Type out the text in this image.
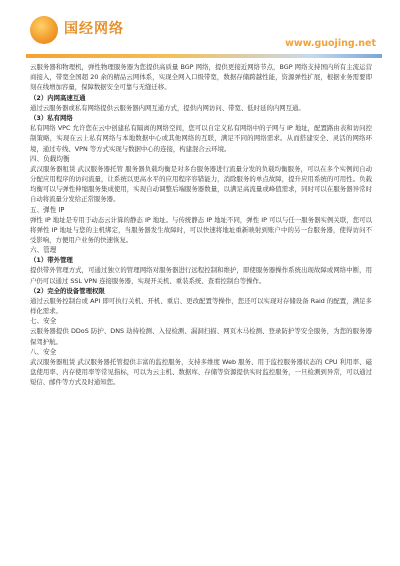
国经网络
www.guojing.net

云服务器和物理机，弹性物理服务器为您提供高质量 BGP 网络，提供更接近网络节点，BGP 网络支持国内所有主流运营商接入，带宽全国超 20 余的精品云网体系，实现全网入口级带宽，数据存储跨越性能，资源弹性扩展，根据业务需要即刻在线增加容量，保障数据安全可靠与无缝迁移。

（2）内网高速互通

通过云服务器或私有网络提供云服务器内网互通方式，提供内网访问、带宽、低时延的内网互通。

（3）私有网络

私有网络 VPC 允许您在云中创建私有隔离的网络空间，您可以自定义私有网络中的子网与 IP 地址，配置路由表和访问控制策略，实现在云上私有网络与本地数据中心或其他网络的互联，满足不同的网络需求。从而搭建安全、灵活的网络环境，通过专线、VPN 等方式实现与数据中心的连接，构建混合云环境。

四、负载均衡

武汉服务器租赁 武汉服务器托管 服务器负载均衡是对多台服务器进行流量分发的负载均衡服务，可以在多个实例间自动分配应用程序的访问流量，让系统以更高水平的应用程序容错能力，消除服务的单点故障，提升应用系统的可用性。负载均衡可以与弹性伸缩服务集成使用，实现自动调整后端服务器数量，以满足高流量或峰值需求，同时可以在服务器异常时自动将流量分发给正常服务器。

五、弹性 IP

弹性 IP 地址是专用于动态云计算的静态 IP 地址。与传统静态 IP 地址不同，弹性 IP 可以与任一服务器实例关联，您可以将弹性 IP 地址与您的主机绑定，当服务器发生故障时，可以快速将地址重新映射到账户中的另一台服务器，使得访问不受影响，方便用户业务的快速恢复。

六、管理

（1）带外管理

提供带外管理方式，可通过独立的管理网络对服务器进行远程控制和维护，即使服务器操作系统出现故障或网络中断，用户仍可以通过 SSL VPN 连接服务器，实现开关机、重装系统、查看控制台等操作。

（2）完全的设备管理权限

通过云服务控制台或 API 即可执行关机、开机、重启、更改配置等操作，您还可以实现对存储设备 Raid 的配置，满足多样化需求。

七、安全

云服务器提供 DDoS 防护、DNS 劫持检测、入侵检测、漏洞扫描、网页木马检测、登录防护等安全服务，为您的服务器保驾护航。

八、安全

武汉服务器租赁 武汉服务器托管提供丰富的监控服务，支持多维度 Web 服务、用于监控服务器状态的 CPU 利用率、磁盘使用率、内存使用率等常见指标，可以为云主机、数据库、存储等资源提供实时监控服务，一旦检测到异常，可以通过短信、邮件等方式及时通知您。
